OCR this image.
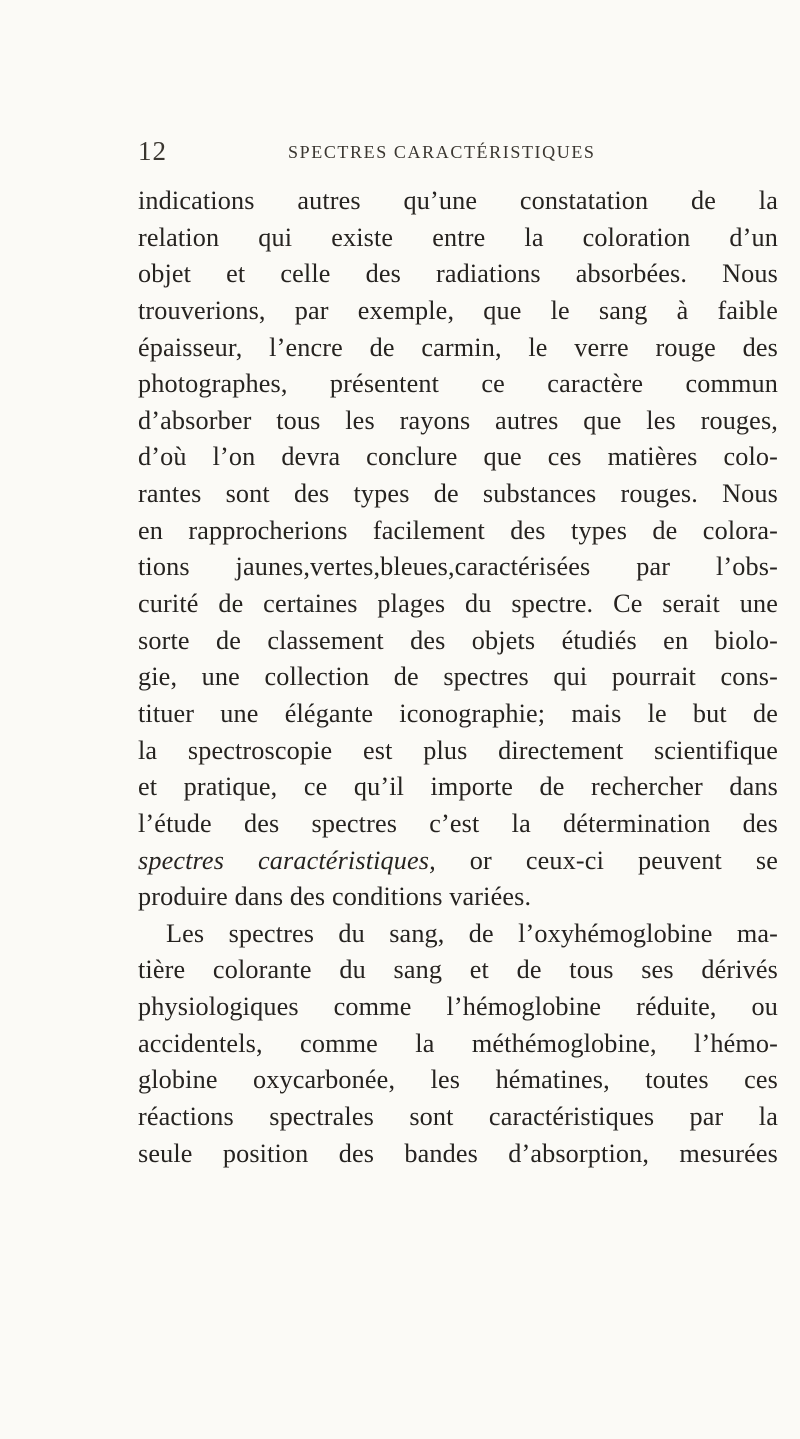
12	SPECTRES CARACTÉRISTIQUES
indications autres qu’une constatation de la
relation qui existe entre la coloration d’un
objet et celle des radiations absorbées. Nous
trouverions, par exemple, que le sang à faible
épaisseur, l’encre de carmin, le verre rouge des
photographes, présentent ce caractère commun
d’absorber tous les rayons autres que les rouges,
d’où l’on devra conclure que ces matières colo-
rantes sont des types de substances rouges. Nous
en rapprocherions facilement des types de colora-
tions jaunes,vertes,bleues,caractérisées par l’obs-
curité de certaines plages du spectre. Ce serait une
sorte de classement des objets étudiés en biolo-
gie, une collection de spectres qui pourrait cons-
tituer une élégante iconographie; mais le but de
la spectroscopie est plus directement scientifique
et pratique, ce qu’il importe de rechercher dans
l’étude des spectres c’est la détermination des
spectres caractéristiques, or ceux-ci peuvent se
produire dans des conditions variées.
Les spectres du sang, de l’oxyhémoglobine ma-
tière colorante du sang et de tous ses dérivés
physiologiques comme l’hémoglobine réduite, ou
accidentels, comme la méthémoglobine, l’hémo-
globine oxycarbonée, les hématines, toutes ces
réactions spectrales sont caractéristiques par la
seule position des bandes d’absorption, mesurées
